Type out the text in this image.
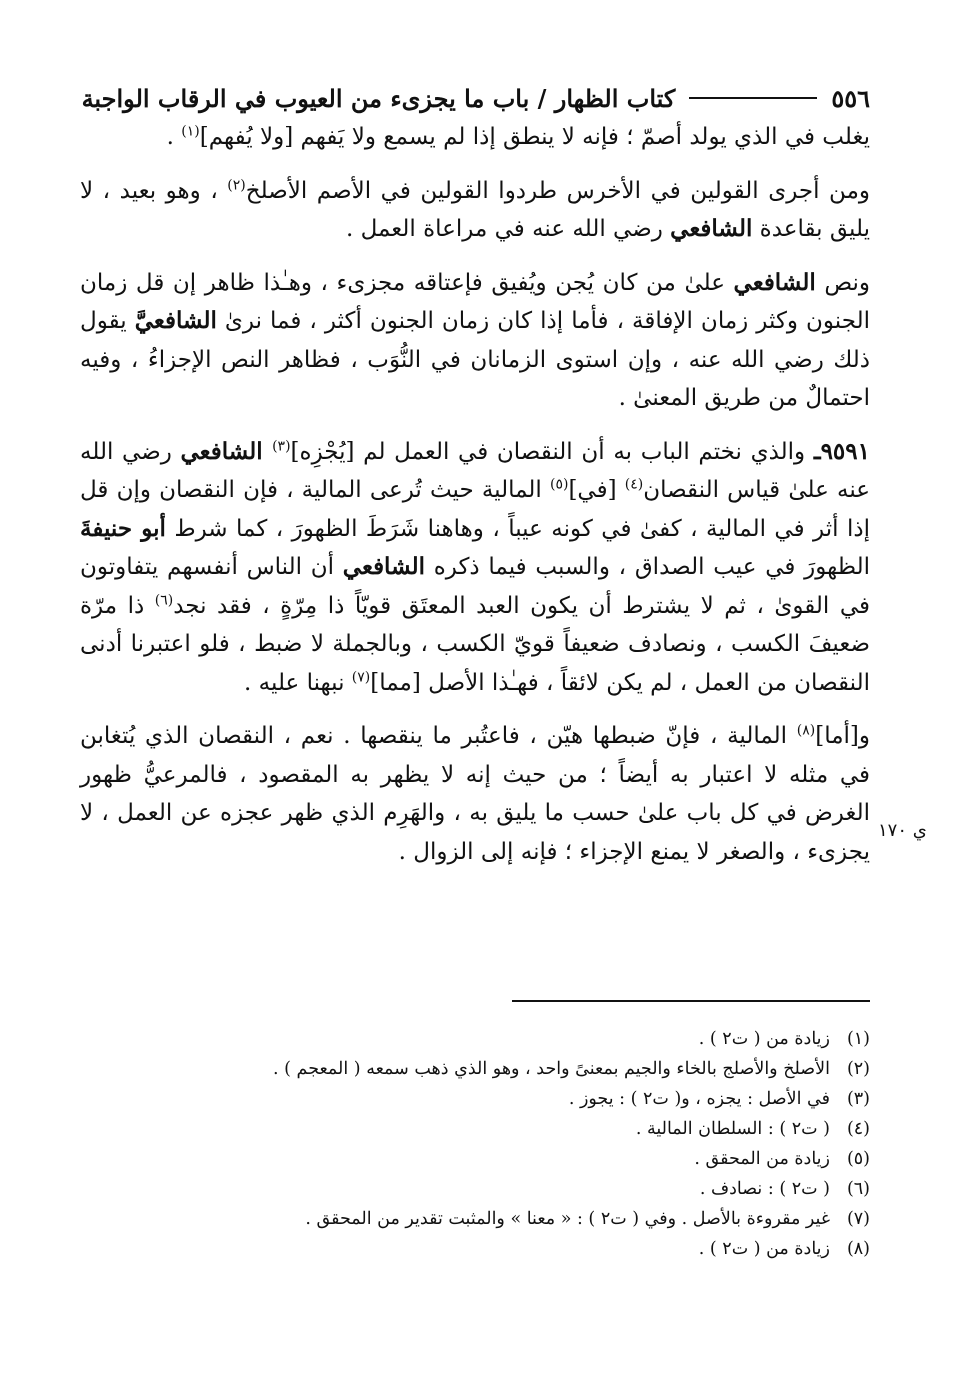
٥٥٦
كتاب الظهار / باب ما يجزىء من العيوب في الرقاب الواجبة

يغلب في الذي يولد أصمّ ؛ فإنه لا ينطق إذا لم يسمع ولا يَفهم [ولا يُفهم]$^{(١)}$ .

ومن أجرى القولين في الأخرس طردوا القولين في الأصم الأصلخ$^{(٢)}$ ، وهو بعيد ، لا يليق بقاعدة الشافعي رضي الله عنه في مراعاة العمل .

ونص الشافعي علىٰ من كان يُجن ويُفيق فإعتاقه مجزىء ، وهـٰذا ظاهر إن قل زمان الجنون وكثر زمان الإفاقة ، فأما إذا كان زمان الجنون أكثر ، فما نرىٰ الشافعيَّ يقول ذلك رضي الله عنه ، وإن استوى الزمانان في النُّوَب ، فظاهر النص الإجزاءُ ، وفيه احتمالٌ من طريق المعنىٰ .

٩٥٩١ـ والذي نختم الباب به أن النقصان في العمل لم [يُجْزِه]$^{(٣)}$ الشافعي رضي الله عنه علىٰ قياس النقصان$^{(٤)}$ [في]$^{(٥)}$ المالية حيث تُرعى المالية ، فإن النقصان وإن قل إذا أثر في المالية ، كفىٰ في كونه عيباً ، وهاهنا شَرَطَ الظهورَ ، كما شرط أبو حنيفةَ الظهورَ في عيب الصداق ، والسبب فيما ذكره الشافعي أن الناس أنفسهم يتفاوتون في القوىٰ ، ثم لا يشترط أن يكون العبد المعتَق قويّاً ذا مِرّةٍ ، فقد نجد$^{(٦)}$ ذا مرّة ضعيفَ الكسب ، ونصادف ضعيفاً قويّ الكسب ، وبالجملة لا ضبط ، فلو اعتبرنا أدنى النقصان من العمل ، لم يكن لائقاً ، فهـٰذا الأصل [مما]$^{(٧)}$ نبهنا عليه .

و[أما]$^{(٨)}$ المالية ، فإنّ ضبطها هيّن ، فاعتُبر ما ينقصها . نعم ، النقصان الذي يُتغابن في مثله لا اعتبار به أيضاً ؛ من حيث إنه لا يظهر به المقصود ، فالمرعيُّ ظهور الغرض في كل باب علىٰ حسب ما يليق به ، والهَرِم الذي ظهر عجزه عن العمل ، لا يجزىء ، والصغر لا يمنع الإجزاء ؛ فإنه إلى الزوال .

ي ١٧٠
(١)
زيادة من ( ت٢ ) .
(٢)
الأصلخ والأصلج بالخاء والجيم بمعنىً واحد ، وهو الذي ذهب سمعه ( المعجم ) .
(٣)
في الأصل : يجزه ، و( ت٢ ) : يجوز .
(٤)
( ت٢ ) : السلطان المالية .
(٥)
زيادة من المحقق .
(٦)
( ت٢ ) : نصادف .
(٧)
غير مقروءة بالأصل . وفي ( ت٢ ) : « معنا » والمثبت تقدير من المحقق .
(٨)
زيادة من ( ت٢ ) .
